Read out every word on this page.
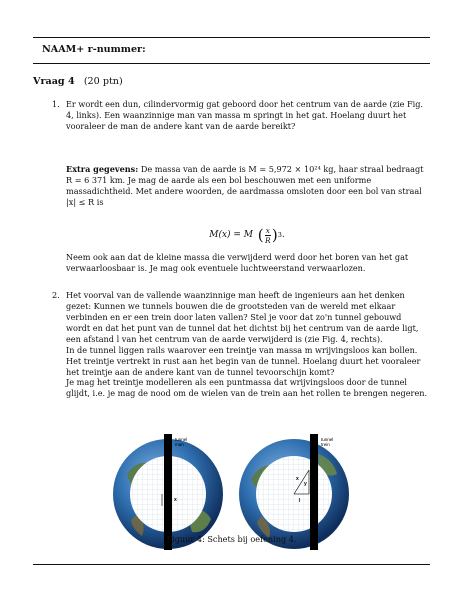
NAAM+ r-nummer:
Vraag 4 (20 ptn)
1. Er wordt een dun, cilindervormig gat geboord door het centrum van de aarde (zie Fig. 4, links). Een waanzinnige man van massa m springt in het gat. Hoelang duurt het vooraleer de man de andere kant van de aarde bereikt?
Extra gegevens: De massa van de aarde is M = 5,972 × 10²⁴ kg, haar straal bedraagt R = 6 371 km. Je mag de aarde als een bol beschouwen met een uniforme massadichtheid. Met andere woorden, de aardmassa omsloten door een bol van straal |x| ≤ R is
M(x) = M ( $\frac{x}{R}$ ) 3 .
Neem ook aan dat de kleine massa die verwijderd werd door het boren van het gat verwaarloosbaar is. Je mag ook eventuele luchtweerstand verwaarlozen.
2. Het voorval van de vallende waanzinnige man heeft de ingenieurs aan het denken gezet: Kunnen we tunnels bouwen die de grootsteden van de wereld met elkaar verbinden en er een trein door laten vallen? Stel je voor dat zo'n tunnel gebouwd wordt en dat het punt van de tunnel dat het dichtst bij het centrum van de aarde ligt, een afstand l van het centrum van de aarde verwijderd is (zie Fig. 4, rechts).
In de tunnel liggen rails waarover een treintje van massa m wrijvingsloos kan bollen. Het treintje vertrekt in rust aan het begin van de tunnel. Hoelang duurt het vooraleer het treintje aan de andere kant van de tunnel tevoorschijn komt?
Je mag het treintje modelleren als een puntmassa dat wrijvingsloos door de tunnel glijdt, i.e. je mag de nood om de wielen van de trein aan het rollen te brengen negeren.
tunnel
man
x
tunnel
trein
x
y
l
Figuur 4: Schets bij oefening 4.
